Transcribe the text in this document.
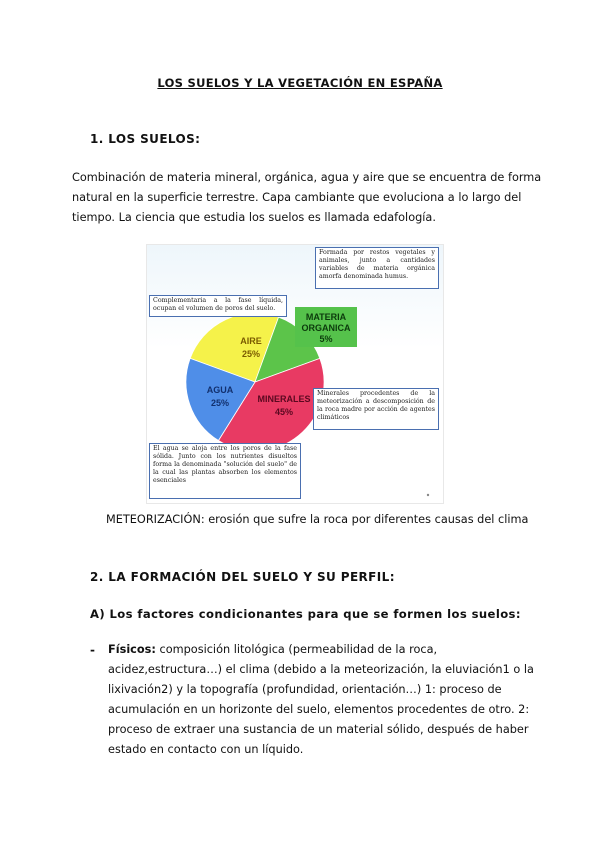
LOS SUELOS Y LA VEGETACIÓN EN ESPAÑA
1. LOS SUELOS:
Combinación de materia mineral, orgánica, agua y aire que se encuentra de forma
natural en la superficie terrestre. Capa cambiante que evoluciona a lo largo del
tiempo. La ciencia que estudia los suelos es llamada edafología.
AIRE
25%
AGUA
25%	MINERALES
45%
MATERIA
ORGANICA
5%
Formada por restos vegetales y animales, junto a cantidades variables de materia orgánica amorfa denominada humus.
Complementaria a la fase líquida, ocupan el volumen de poros del suelo.
Minerales procedentes de la meteorización a descomposición de la roca madre por acción de agentes climáticos
El agua se aloja entre los poros de la fase sólida. Junto con los nutrientes disueltos forma la denominada "solución del suelo" de la cual las plantas absorben los elementos esenciales
METEORIZACIÓN: erosión que sufre la roca por diferentes causas del clima
2. LA FORMACIÓN DEL SUELO Y SU PERFIL:
A) Los factores condicionantes para que se formen los suelos:
- Físicos: composición litológica (permeabilidad de la roca,
acidez,estructura…) el clima (debido a la meteorización, la eluviación1 o la
lixivación2) y la topografía (profundidad, orientación…) 1: proceso de
acumulación en un horizonte del suelo, elementos procedentes de otro. 2:
proceso de extraer una sustancia de un material sólido, después de haber
estado en contacto con un líquido.
